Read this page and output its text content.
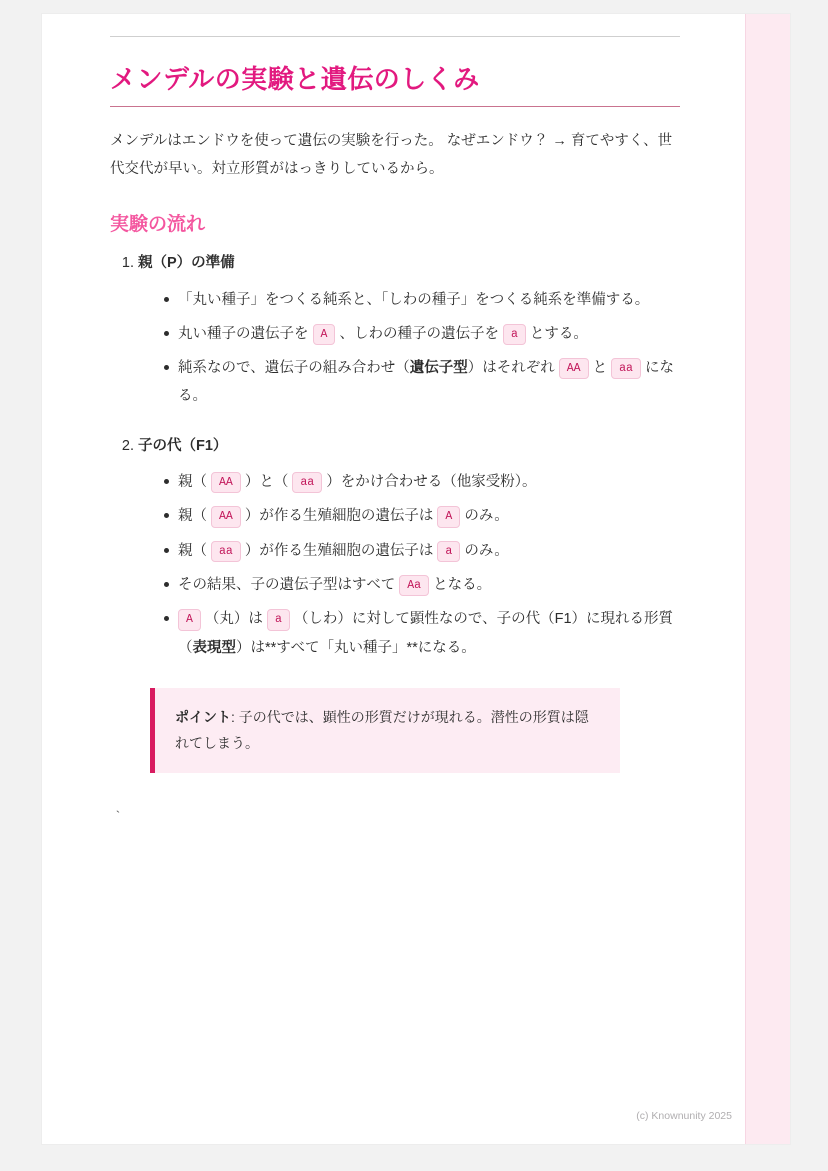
メンデルの実験と遺伝のしくみ

メンデルはエンドウを使って遺伝の実験を行った。 なぜエンドウ？ → 育てやすく、世代交代が早い。対立形質がはっきりしているから。

実験の流れ
1. 親（P）の準備
「丸い種子」をつくる純系と、「しわの種子」をつくる純系を準備する。
丸い種子の遺伝子を A 、しわの種子の遺伝子を a とする。
純系なので、遺伝子の組み合わせ（遺伝子型）はそれぞれ AA と aa になる。
2. 子の代（F1）
親（ AA ）と（ aa ）をかけ合わせる（他家受粉）。
親（ AA ）が作る生殖細胞の遺伝子は A のみ。
親（ aa ）が作る生殖細胞の遺伝子は a のみ。
その結果、子の遺伝子型はすべて Aa となる。
A （丸）は a （しわ）に対して顕性なので、子の代（F1）に現れる形質（表現型）は**すべて「丸い種子」**になる。

ポイント: 子の代では、顕性の形質だけが現れる。潜性の形質は隠れてしまう。

`
(c) Knownunity 2025
